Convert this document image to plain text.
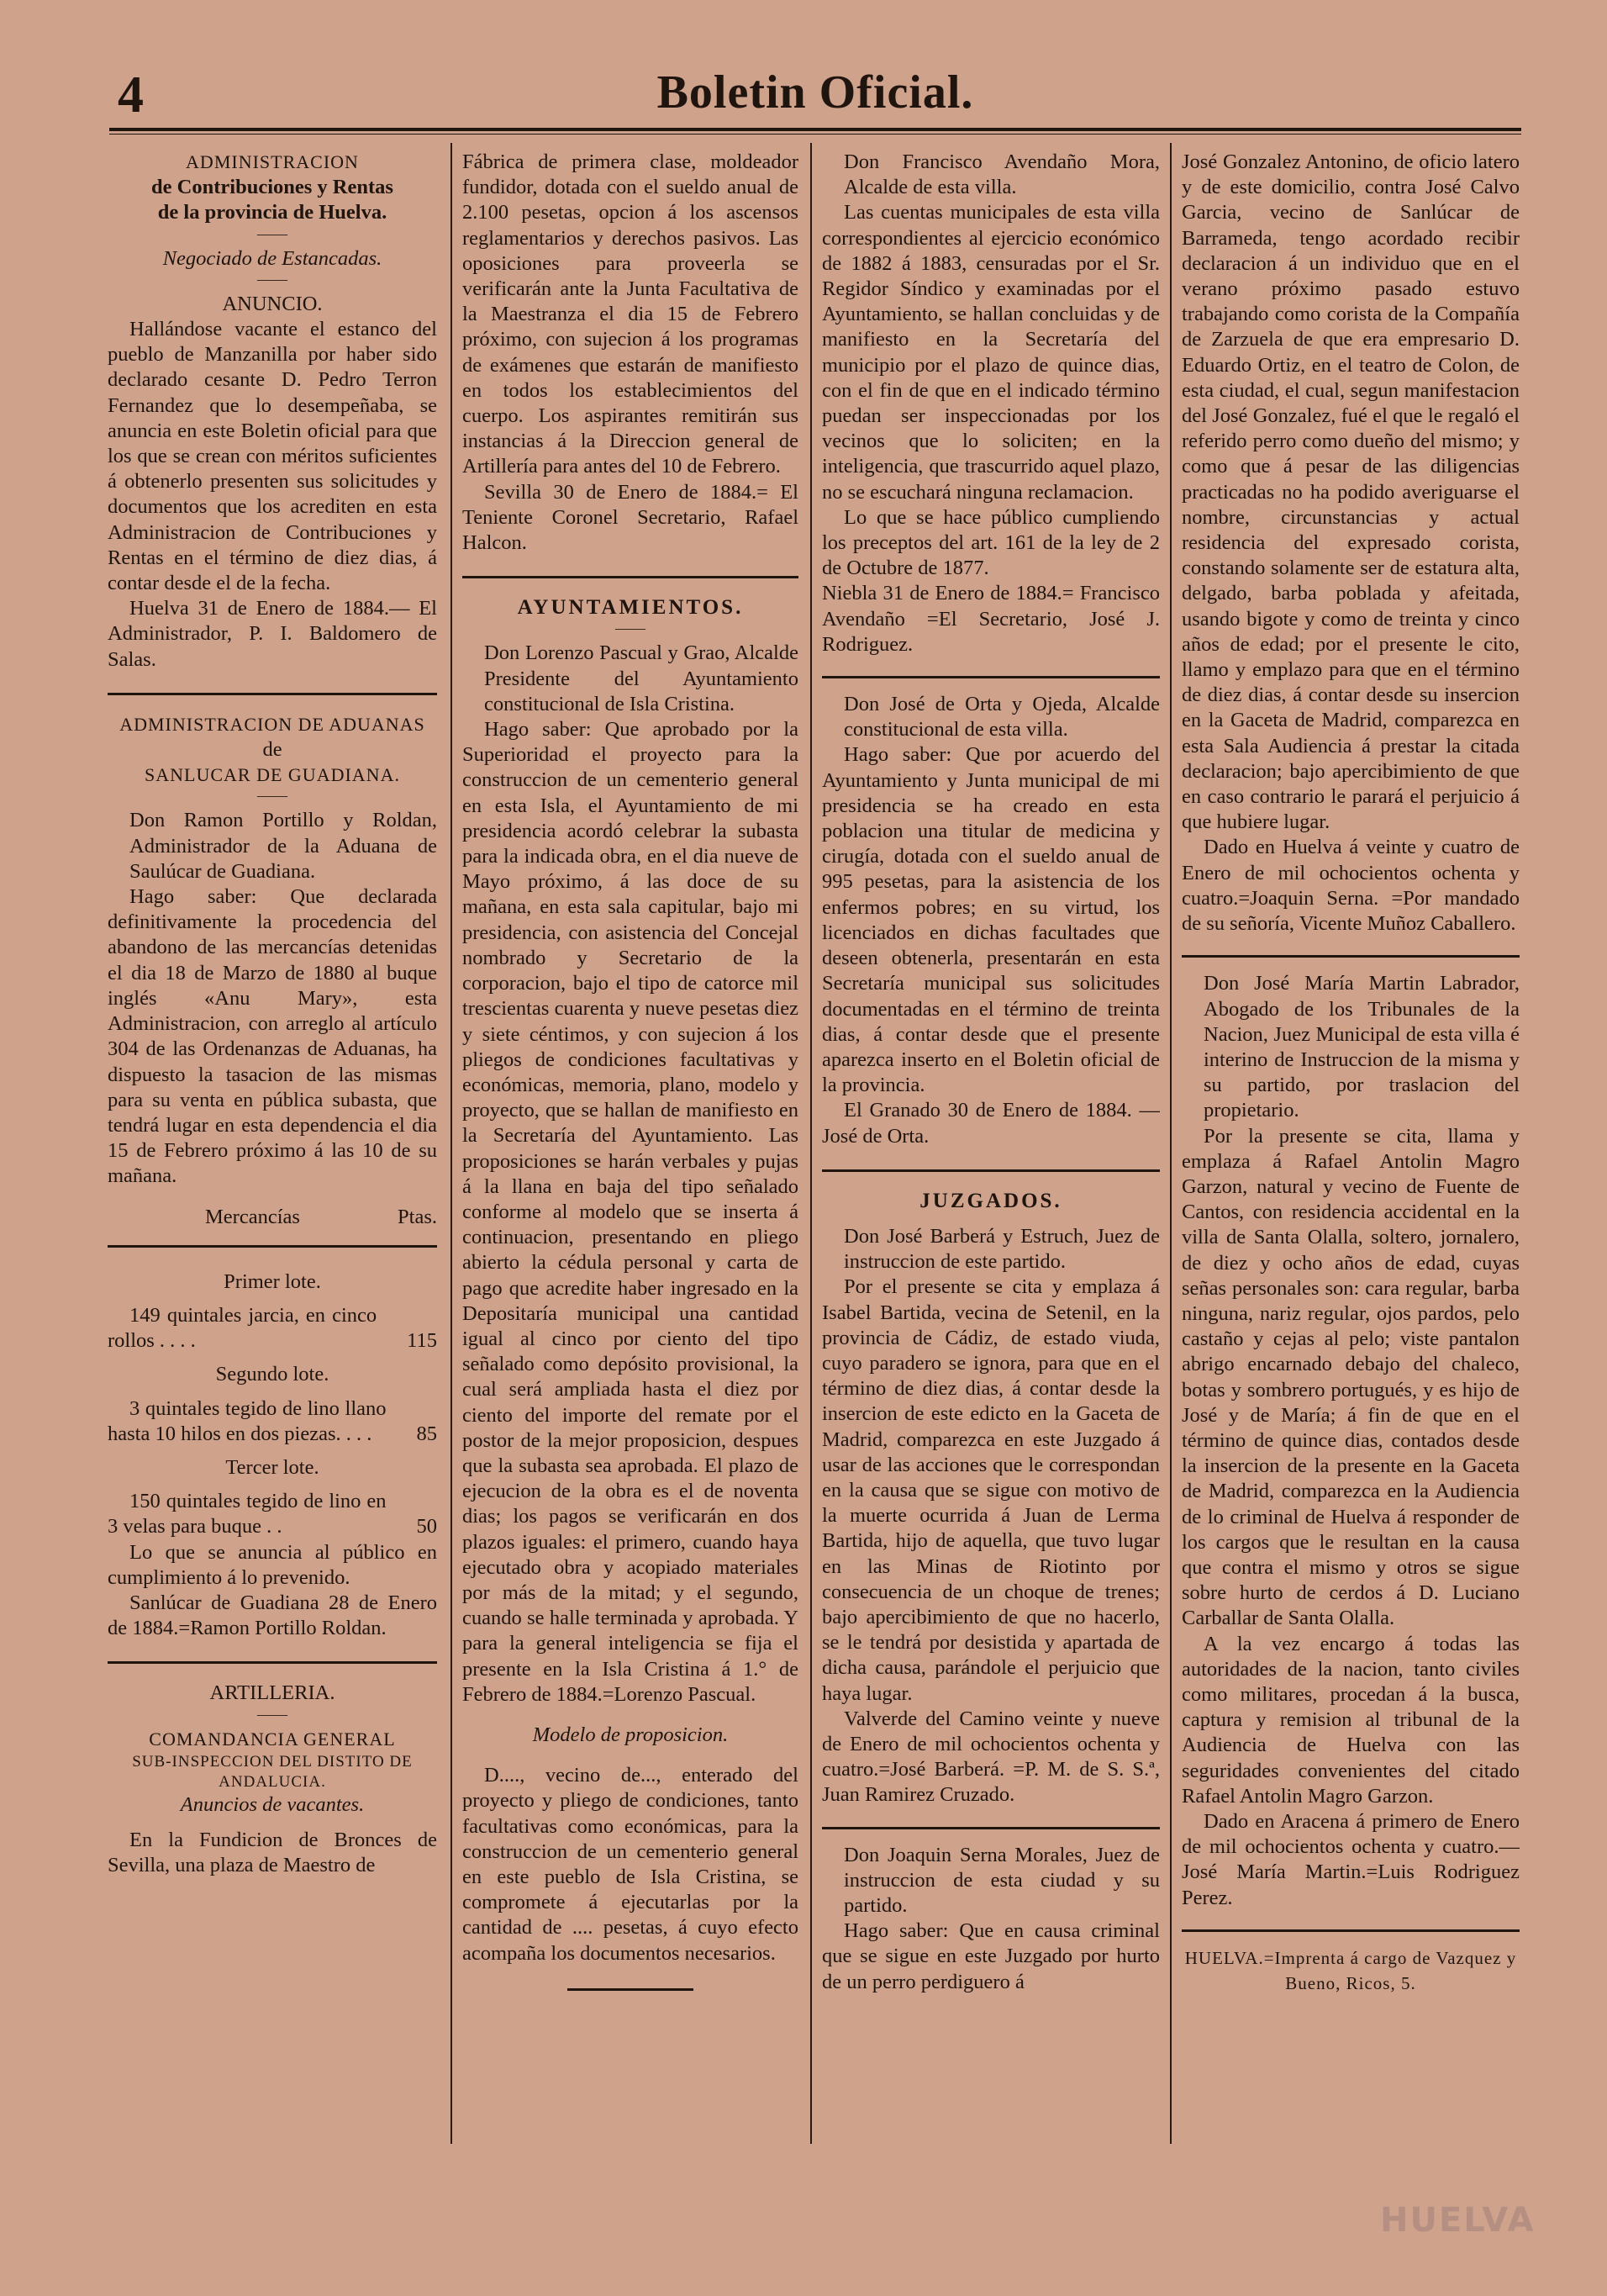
4	Boletin Oficial.

ADMINISTRACION

de Contribuciones y Rentas

de la provincia de Huelva.

——

Negociado de Estancadas.

——

ANUNCIO.

Hallándose vacante el estanco del pueblo de Manzanilla por haber sido declarado cesante D. Pedro Terron Fernandez que lo desempeñaba, se anuncia en este Boletin oficial para que los que se crean con méritos suficientes á obtenerlo presenten sus solicitudes y documentos que los acrediten en esta Administracion de Contribuciones y Rentas en el término de diez dias, á contar desde el de la fecha.

Huelva 31 de Enero de 1884.— El Administrador, P. I. Baldomero de Salas.

ADMINISTRACION DE ADUANAS

de

SANLUCAR DE GUADIANA.

——

Don Ramon Portillo y Roldan, Administrador de la Aduana de Saulúcar de Guadiana.

Hago saber: Que declarada definitivamente la procedencia del abandono de las mercancías detenidas el dia 18 de Marzo de 1880 al buque inglés «Anu Mary», esta Administracion, con arreglo al artículo 304 de las Ordenanzas de Aduanas, ha dispuesto la tasacion de las mismas para su venta en pública subasta, que tendrá lugar en esta dependencia el dia 15 de Febrero próximo á las 10 de su mañana.

Mercancías	Ptas.

Primer lote.

149 quintales jarcia, en cinco rollos . . . .	115

Segundo lote.

3 quintales tegido de lino llano hasta 10 hilos en dos piezas. . . .	85

Tercer lote.

150 quintales tegido de lino en 3 velas para buque . .	50

Lo que se anuncia al público en cumplimiento á lo prevenido.

Sanlúcar de Guadiana 28 de Enero de 1884.=Ramon Portillo Roldan.

ARTILLERIA.

——

COMANDANCIA GENERAL

SUB-INSPECCION DEL DISTITO DE ANDALUCIA.

Anuncios de vacantes.

En la Fundicion de Bronces de Sevilla, una plaza de Maestro de

Fábrica de primera clase, moldeador fundidor, dotada con el sueldo anual de 2.100 pesetas, opcion á los ascensos reglamentarios y derechos pasivos. Las oposiciones para proveerla se verificarán ante la Junta Facultativa de la Maestranza el dia 15 de Febrero próximo, con sujecion á los programas de exámenes que estarán de manifiesto en todos los establecimientos del cuerpo. Los aspirantes remitirán sus instancias á la Direccion general de Artillería para antes del 10 de Febrero.

Sevilla 30 de Enero de 1884.= El Teniente Coronel Secretario, Rafael Halcon.

AYUNTAMIENTOS.

——

Don Lorenzo Pascual y Grao, Alcalde Presidente del Ayuntamiento constitucional de Isla Cristina.

Hago saber: Que aprobado por la Superioridad el proyecto para la construccion de un cementerio general en esta Isla, el Ayuntamiento de mi presidencia acordó celebrar la subasta para la indicada obra, en el dia nueve de Mayo próximo, á las doce de su mañana, en esta sala capitular, bajo mi presidencia, con asistencia del Concejal nombrado y Secretario de la corporacion, bajo el tipo de catorce mil trescientas cuarenta y nueve pesetas diez y siete céntimos, y con sujecion á los pliegos de condiciones facultativas y económicas, memoria, plano, modelo y proyecto, que se hallan de manifiesto en la Secretaría del Ayuntamiento. Las proposiciones se harán verbales y pujas á la llana en baja del tipo señalado conforme al modelo que se inserta á continuacion, presentando en pliego abierto la cédula personal y carta de pago que acredite haber ingresado en la Depositaría municipal una cantidad igual al cinco por ciento del tipo señalado como depósito provisional, la cual será ampliada hasta el diez por ciento del importe del remate por el postor de la mejor proposicion, despues que la subasta sea aprobada. El plazo de ejecucion de la obra es el de noventa dias; los pagos se verificarán en dos plazos iguales: el primero, cuando haya ejecutado obra y acopiado materiales por más de la mitad; y el segundo, cuando se halle terminada y aprobada. Y para la general inteligencia se fija el presente en la Isla Cristina á 1.° de Febrero de 1884.=Lorenzo Pascual.

Modelo de proposicion.

D...., vecino de..., enterado del proyecto y pliego de condiciones, tanto facultativas como económicas, para la construccion de un cementerio general en este pueblo de Isla Cristina, se compromete á ejecutarlas por la cantidad de .... pesetas, á cuyo efecto acompaña los documentos necesarios.

Don Francisco Avendaño Mora, Alcalde de esta villa.

Las cuentas municipales de esta villa correspondientes al ejercicio económico de 1882 á 1883, censuradas por el Sr. Regidor Síndico y examinadas por el Ayuntamiento, se hallan concluidas y de manifiesto en la Secretaría del municipio por el plazo de quince dias, con el fin de que en el indicado término puedan ser inspeccionadas por los vecinos que lo soliciten; en la inteligencia, que trascurrido aquel plazo, no se escuchará ninguna reclamacion.

Lo que se hace público cumpliendo los preceptos del art. 161 de la ley de 2 de Octubre de 1877.

Niebla 31 de Enero de 1884.= Francisco Avendaño =El Secretario, José J. Rodriguez.

Don José de Orta y Ojeda, Alcalde constitucional de esta villa.

Hago saber: Que por acuerdo del Ayuntamiento y Junta municipal de mi presidencia se ha creado en esta poblacion una titular de medicina y cirugía, dotada con el sueldo anual de 995 pesetas, para la asistencia de los enfermos pobres; en su virtud, los licenciados en dichas facultades que deseen obtenerla, presentarán en esta Secretaría municipal sus solicitudes documentadas en el término de treinta dias, á contar desde que el presente aparezca inserto en el Boletin oficial de la provincia.

El Granado 30 de Enero de 1884. —José de Orta.

JUZGADOS.

Don José Barberá y Estruch, Juez de instruccion de este partido.

Por el presente se cita y emplaza á Isabel Bartida, vecina de Setenil, en la provincia de Cádiz, de estado viuda, cuyo paradero se ignora, para que en el término de diez dias, á contar desde la insercion de este edicto en la Gaceta de Madrid, comparezca en este Juzgado á usar de las acciones que le correspondan en la causa que se sigue con motivo de la muerte ocurrida á Juan de Lerma Bartida, hijo de aquella, que tuvo lugar en las Minas de Riotinto por consecuencia de un choque de trenes; bajo apercibimiento de que no hacerlo, se le tendrá por desistida y apartada de dicha causa, parándole el perjuicio que haya lugar.

Valverde del Camino veinte y nueve de Enero de mil ochocientos ochenta y cuatro.=José Barberá. =P. M. de S. S.ª, Juan Ramirez Cruzado.

Don Joaquin Serna Morales, Juez de instruccion de esta ciudad y su partido.

Hago saber: Que en causa criminal que se sigue en este Juzgado por hurto de un perro perdiguero á

José Gonzalez Antonino, de oficio latero y de este domicilio, contra José Calvo Garcia, vecino de Sanlúcar de Barrameda, tengo acordado recibir declaracion á un individuo que en el verano próximo pasado estuvo trabajando como corista de la Compañía de Zarzuela de que era empresario D. Eduardo Ortiz, en el teatro de Colon, de esta ciudad, el cual, segun manifestacion del José Gonzalez, fué el que le regaló el referido perro como dueño del mismo; y como que á pesar de las diligencias practicadas no ha podido averiguarse el nombre, circunstancias y actual residencia del expresado corista, constando solamente ser de estatura alta, delgado, barba poblada y afeitada, usando bigote y como de treinta y cinco años de edad; por el presente le cito, llamo y emplazo para que en el término de diez dias, á contar desde su insercion en la Gaceta de Madrid, comparezca en esta Sala Audiencia á prestar la citada declaracion; bajo apercibimiento de que en caso contrario le parará el perjuicio á que hubiere lugar.

Dado en Huelva á veinte y cuatro de Enero de mil ochocientos ochenta y cuatro.=Joaquin Serna. =Por mandado de su señoría, Vicente Muñoz Caballero.

Don José María Martin Labrador, Abogado de los Tribunales de la Nacion, Juez Municipal de esta villa é interino de Instruccion de la misma y su partido, por traslacion del propietario.

Por la presente se cita, llama y emplaza á Rafael Antolin Magro Garzon, natural y vecino de Fuente de Cantos, con residencia accidental en la villa de Santa Olalla, soltero, jornalero, de diez y ocho años de edad, cuyas señas personales son: cara regular, barba ninguna, nariz regular, ojos pardos, pelo castaño y cejas al pelo; viste pantalon abrigo encarnado debajo del chaleco, botas y sombrero portugués, y es hijo de José y de María; á fin de que en el término de quince dias, contados desde la insercion de la presente en la Gaceta de Madrid, comparezca en la Audiencia de lo criminal de Huelva á responder de los cargos que le resultan en la causa que contra el mismo y otros se sigue sobre hurto de cerdos á D. Luciano Carballar de Santa Olalla.

A la vez encargo á todas las autoridades de la nacion, tanto civiles como militares, procedan á la busca, captura y remision al tribunal de la Audiencia de Huelva con las seguridades convenientes del citado Rafael Antolin Magro Garzon.

Dado en Aracena á primero de Enero de mil ochocientos ochenta y cuatro.—José María Martin.=Luis Rodriguez Perez.

HUELVA.=Imprenta á cargo de Vazquez y Bueno, Ricos, 5.

HUELVA
